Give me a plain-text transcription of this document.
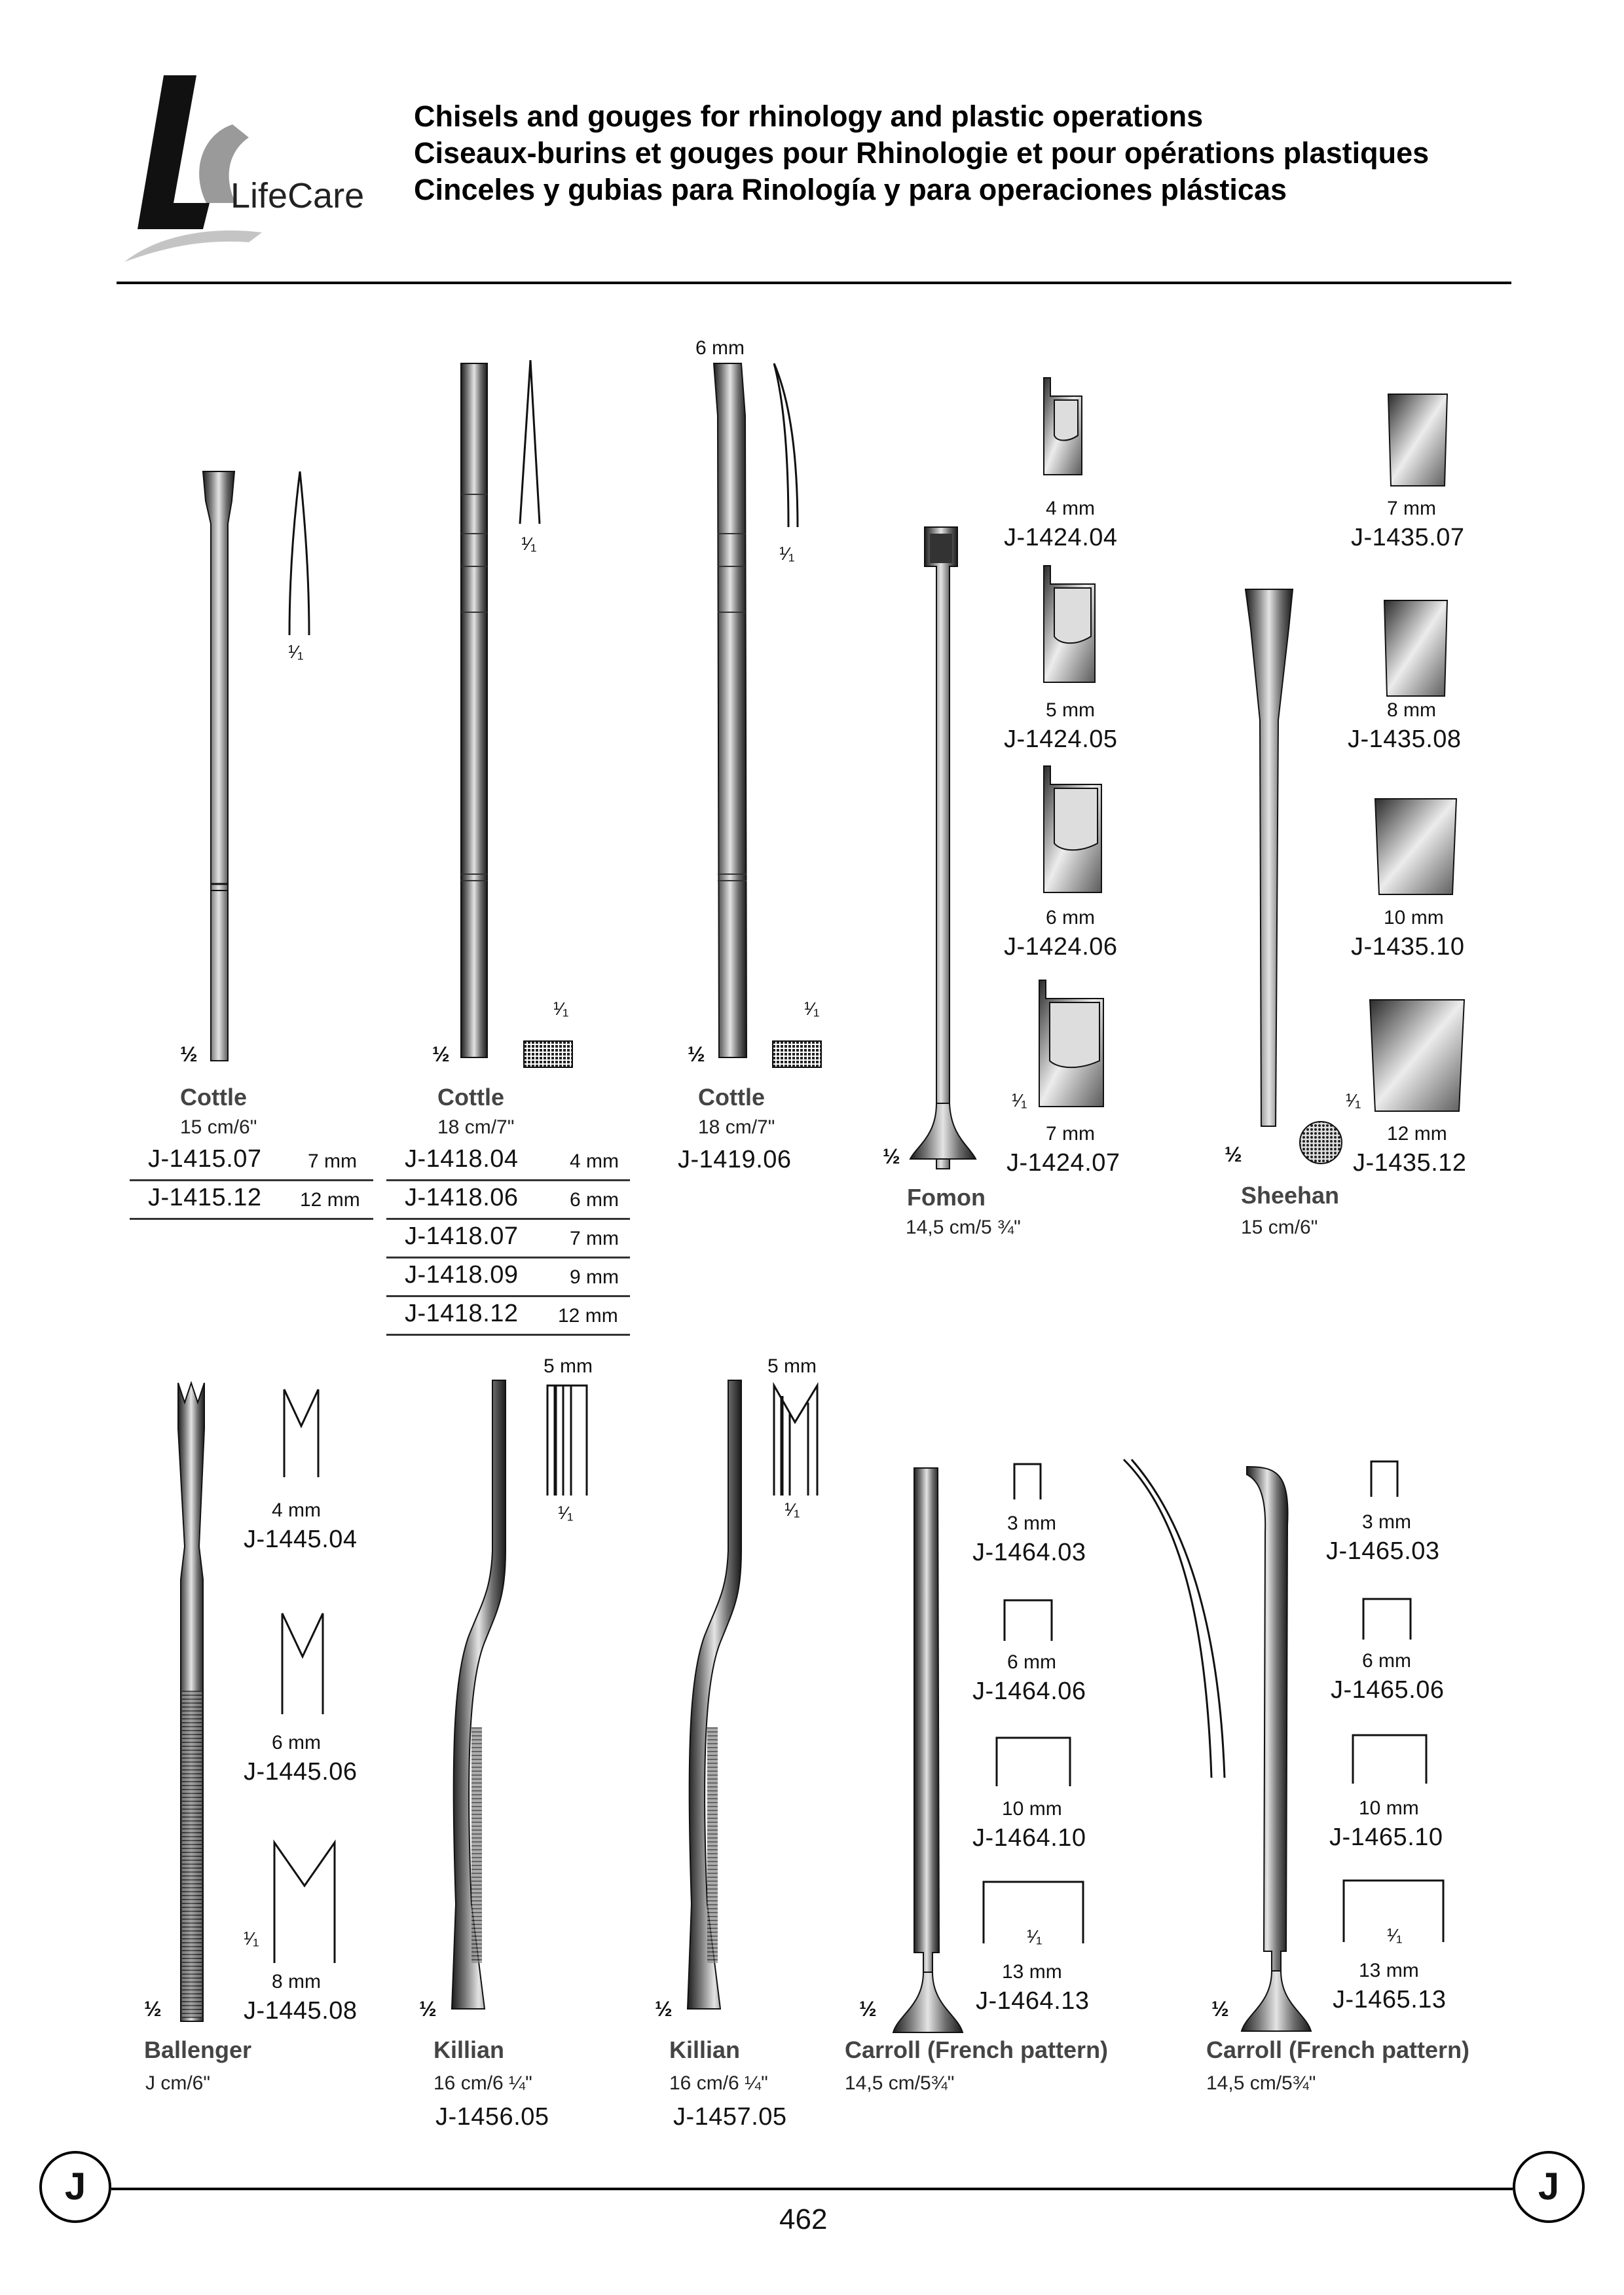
LifeCare
Chisels and gouges for rhinology and plastic operations
Ciseaux-burins et gouges pour Rhinologie et pour opérations plastiques
Cinceles y gubias para Rinología y para operaciones plásticas
¹⁄₁
½
Cottle
15 cm/6"
J-1415.07 7 mm
J-1415.12 12 mm
¹⁄₁
¹⁄₁
½
Cottle
18 cm/7"
J-1418.04	4 mm
J-1418.06	6 mm
J-1418.07	7 mm
J-1418.09	9 mm
J-1418.12 12 mm
6 mm
¹⁄₁
¹⁄₁
½
Cottle
18 cm/7"
J-1419.06
4 mm
J-1424.04
5 mm
J-1424.05
6 mm
J-1424.06
¹⁄₁
7 mm
J-1424.07
½
Fomon
14,5 cm/5 ¾"
7 mm
J-1435.07
8 mm
J-1435.08
10 mm
J-1435.10
¹⁄₁
12 mm
J-1435.12
½
Sheehan
15 cm/6"
4 mm
J-1445.04
6 mm
J-1445.06
¹⁄₁
8 mm
J-1445.08
½
Ballenger
J cm/6"
5 mm
¹⁄₁
½
Killian
16 cm/6 ¼"
J-1456.05
5 mm
¹⁄₁
½
Killian
16 cm/6 ¼"
J-1457.05
3 mm
J-1464.03
6 mm
J-1464.06
10 mm
J-1464.10
¹⁄₁
13 mm
J-1464.13
½
Carroll (French pattern)
14,5 cm/5¾"
3 mm
J-1465.03
6 mm
J-1465.06
10 mm
J-1465.10
¹⁄₁
13 mm
J-1465.13
½
Carroll (French pattern)
14,5 cm/5¾"
J	J
462
